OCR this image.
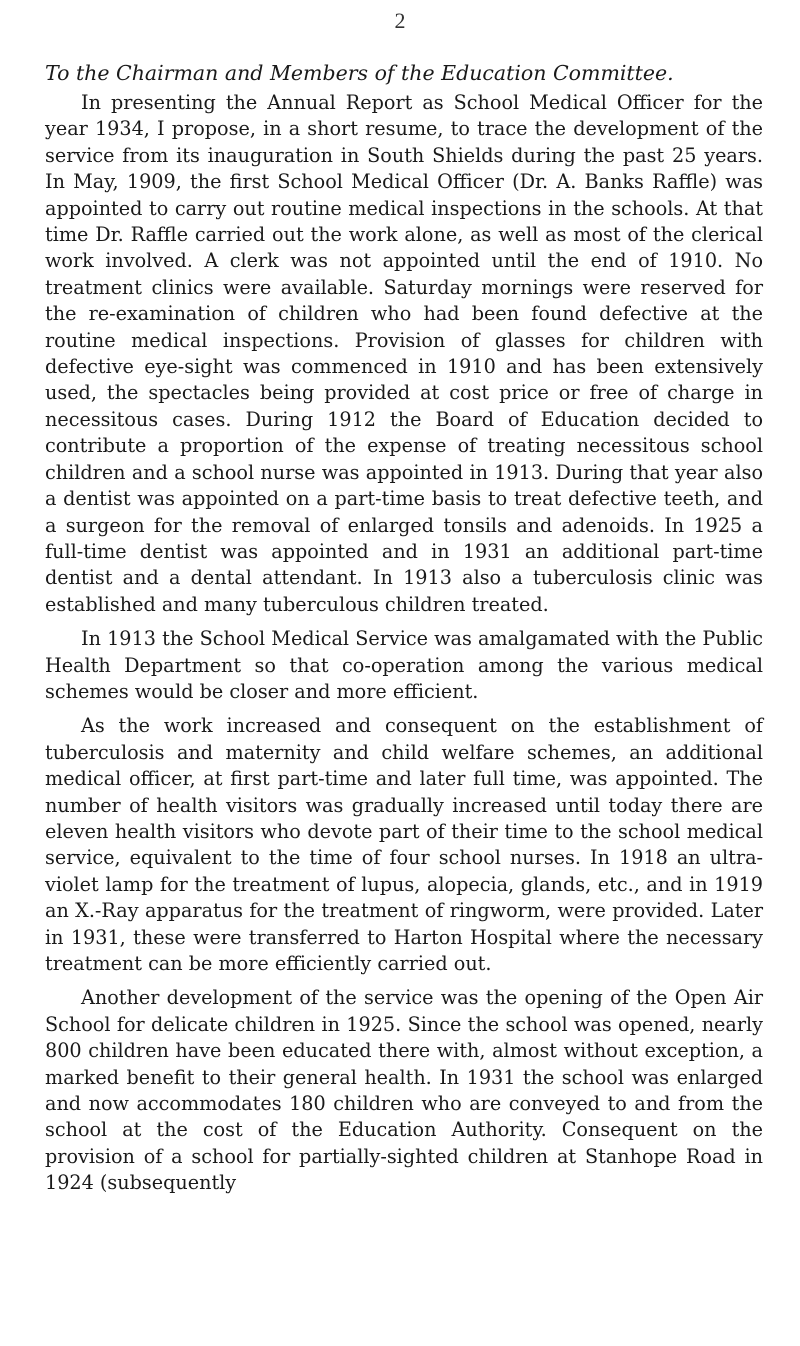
2
To the Chairman and Members of the Education Committee.

In presenting the Annual Report as School Medical Officer for the year 1934, I propose, in a short resume, to trace the development of the service from its inauguration in South Shields during the past 25 years. In May, 1909, the first School Medical Officer (Dr. A. Banks Raffle) was appointed to carry out routine medical inspections in the schools. At that time Dr. Raffle carried out the work alone, as well as most of the clerical work involved. A clerk was not appointed until the end of 1910. No treatment clinics were available. Saturday mornings were reserved for the re-examination of children who had been found defective at the routine medical inspections. Provision of glasses for children with defective eye-sight was commenced in 1910 and has been extensively used, the spectacles being provided at cost price or free of charge in necessitous cases. During 1912 the Board of Education decided to contribute a proportion of the expense of treating necessitous school children and a school nurse was appointed in 1913. During that year also a dentist was appointed on a part-time basis to treat defective teeth, and a surgeon for the removal of enlarged tonsils and adenoids. In 1925 a full-time dentist was appointed and in 1931 an additional part-time dentist and a dental attendant. In 1913 also a tuberculosis clinic was established and many tuberculous children treated.

In 1913 the School Medical Service was amalgamated with the Public Health Department so that co-operation among the various medical schemes would be closer and more efficient.

As the work increased and consequent on the establishment of tuberculosis and maternity and child welfare schemes, an additional medical officer, at first part-time and later full time, was appointed. The number of health visitors was gradually increased until today there are eleven health visitors who devote part of their time to the school medical service, equivalent to the time of four school nurses. In 1918 an ultra-violet lamp for the treatment of lupus, alopecia, glands, etc., and in 1919 an X.-Ray apparatus for the treatment of ringworm, were provided. Later in 1931, these were transferred to Harton Hospital where the necessary treatment can be more efficiently carried out.

Another development of the service was the opening of the Open Air School for delicate children in 1925. Since the school was opened, nearly 800 children have been educated there with, almost without exception, a marked benefit to their general health. In 1931 the school was enlarged and now accommodates 180 children who are conveyed to and from the school at the cost of the Education Authority. Consequent on the provision of a school for partially-sighted children at Stanhope Road in 1924 (subsequently
